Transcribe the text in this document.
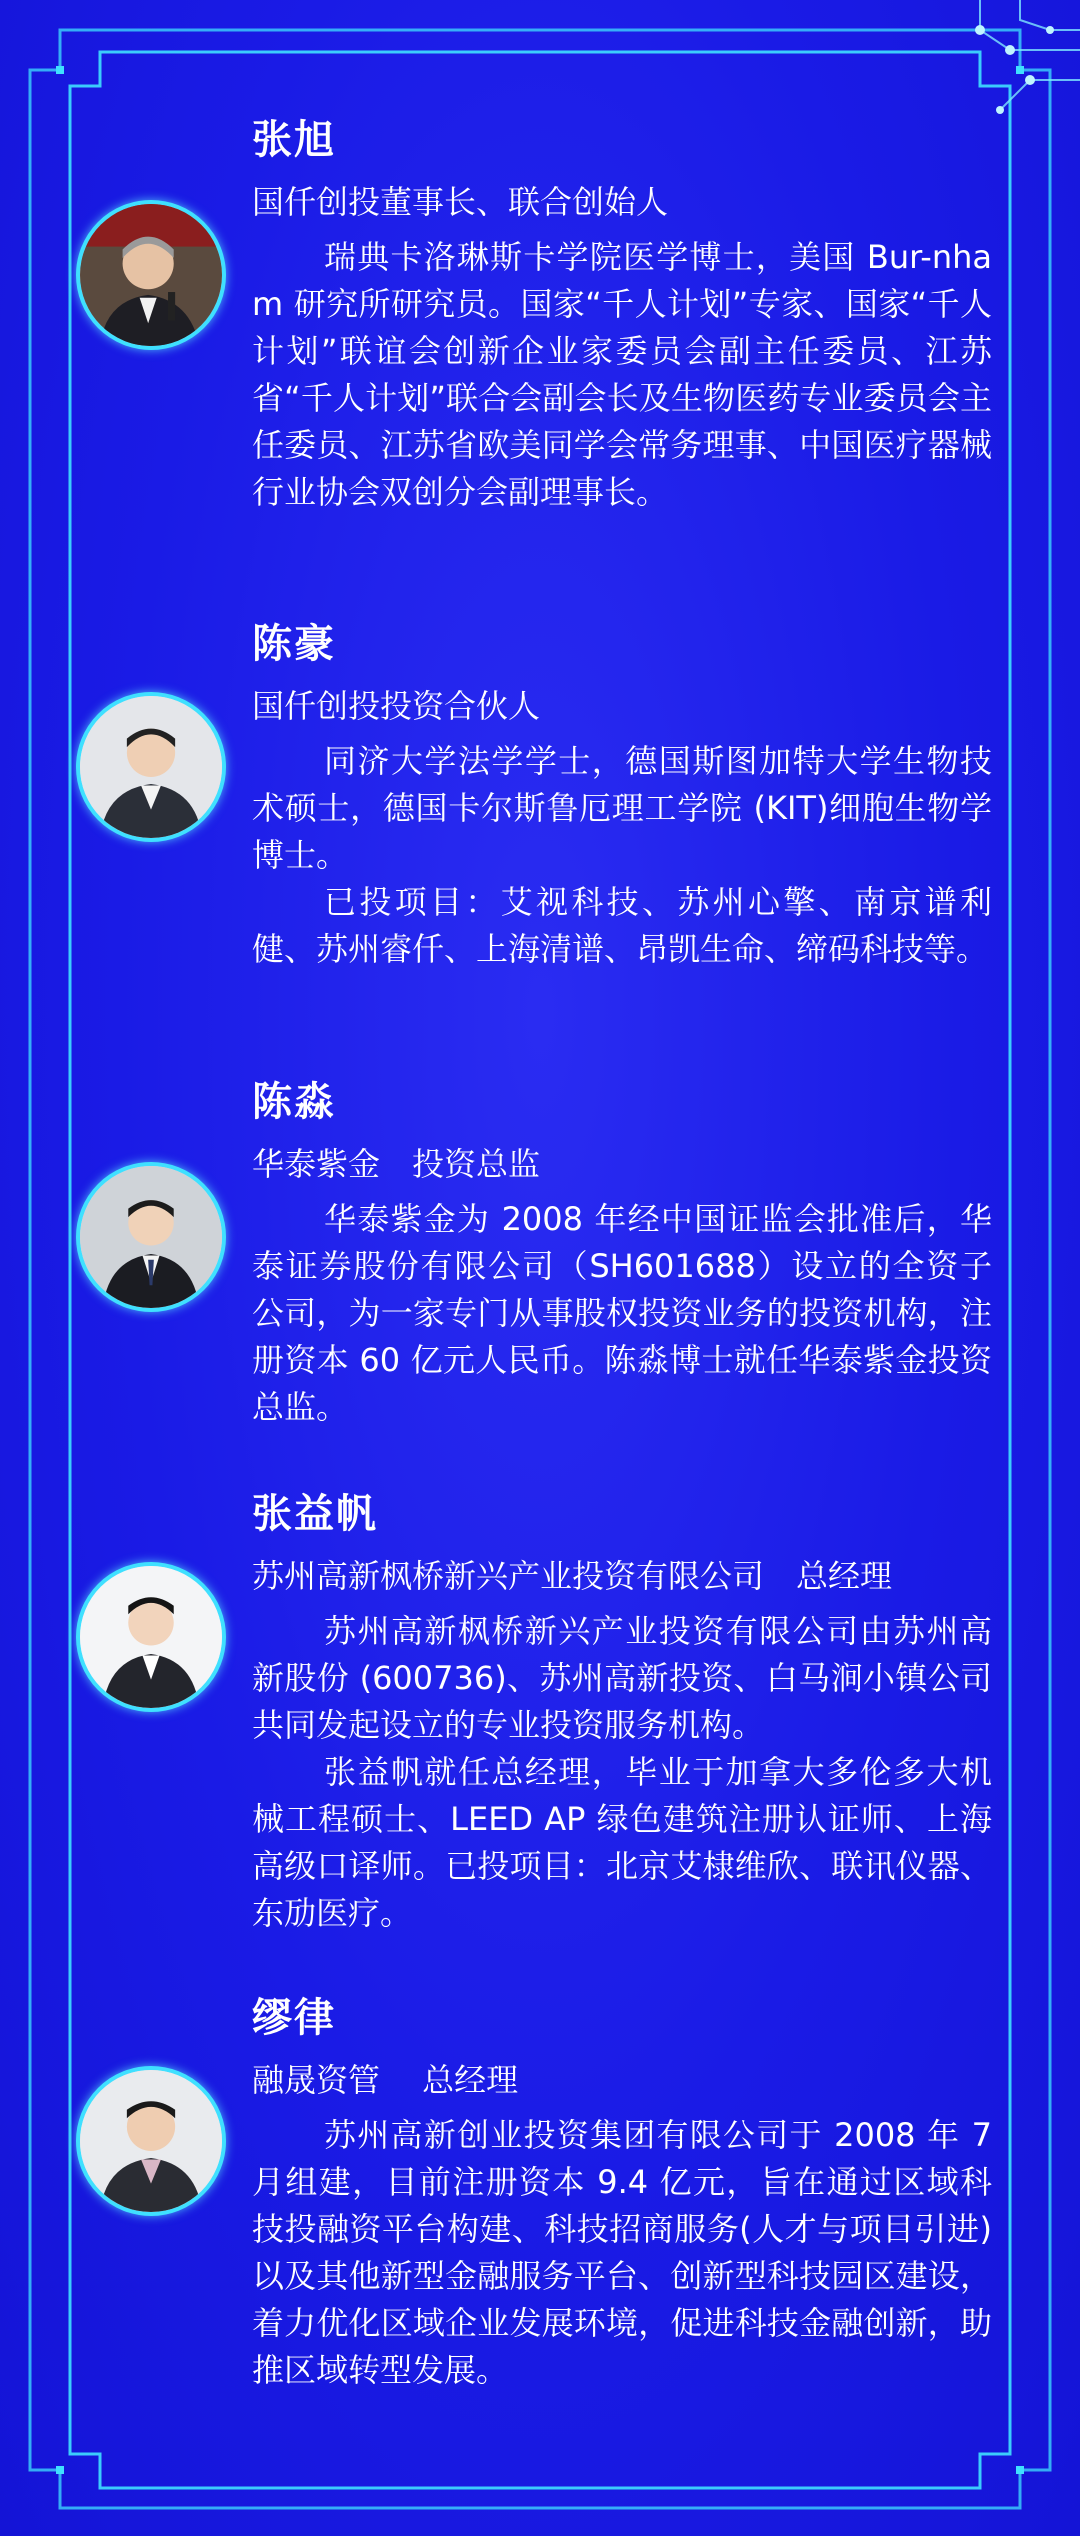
张旭
国仟创投董事长、联合创始人

瑞典卡洛琳斯卡学院医学博士，美国 Bur-nham 研究所研究员。国家“千人计划”专家、国家“千人计划”联谊会创新企业家委员会副主任委员、江苏省“千人计划”联合会副会长及生物医药专业委员会主任委员、江苏省欧美同学会常务理事、中国医疗器械行业协会双创分会副理事长。

陈豪
国仟创投投资合伙人

同济大学法学学士，德国斯图加特大学生物技术硕士，德国卡尔斯鲁厄理工学院 (KIT)细胞生物学博士。

已投项目：艾视科技、苏州心擎、南京谱利健、苏州睿仟、上海清谱、昂凯生命、缔码科技等。

陈淼
华泰紫金　投资总监

华泰紫金为 2008 年经中国证监会批准后，华泰证券股份有限公司（SH601688）设立的全资子公司，为一家专门从事股权投资业务的投资机构，注册资本 60 亿元人民币。陈淼博士就任华泰紫金投资总监。

张益帆
苏州高新枫桥新兴产业投资有限公司　总经理

苏州高新枫桥新兴产业投资有限公司由苏州高新股份 (600736)、苏州高新投资、白马涧小镇公司共同发起设立的专业投资服务机构。

张益帆就任总经理，毕业于加拿大多伦多大机械工程硕士、LEED AP 绿色建筑注册认证师、上海高级口译师。已投项目：北京艾棣维欣、联讯仪器、东劢医疗。

缪律
融晟资管　 总经理

苏州高新创业投资集团有限公司于 2008 年 7 月组建，目前注册资本 9.4 亿元，旨在通过区域科技投融资平台构建、科技招商服务(人才与项目引进) 以及其他新型金融服务平台、创新型科技园区建设，着力优化区域企业发展环境，促进科技金融创新，助推区域转型发展。
